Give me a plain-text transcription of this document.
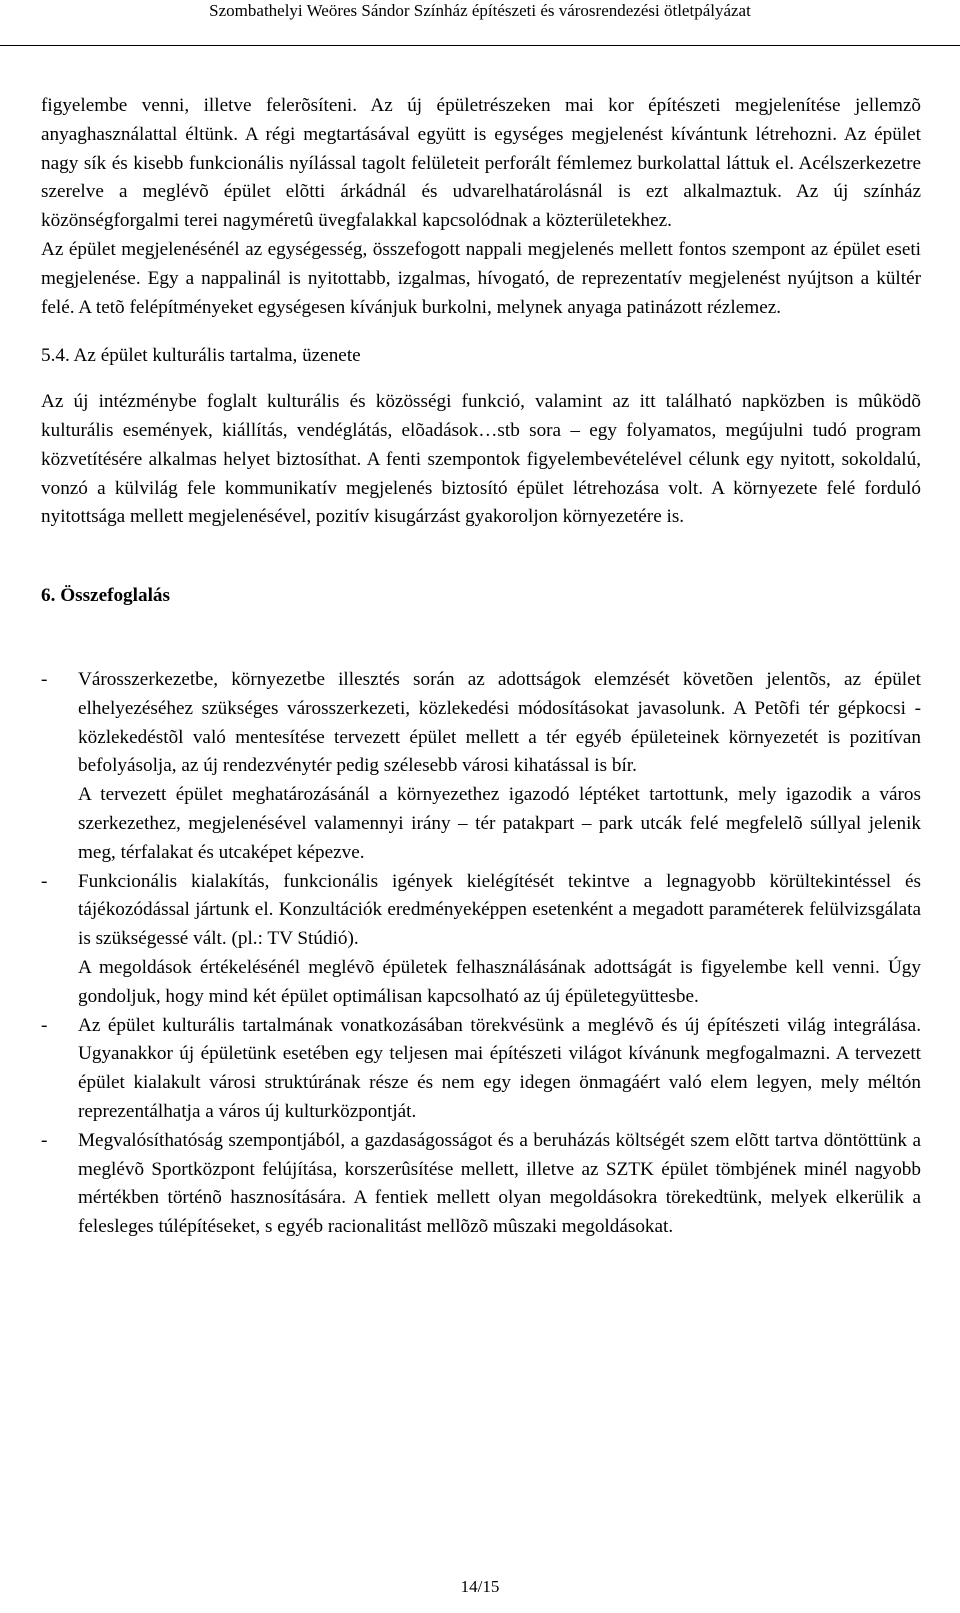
Szombathelyi Weöres Sándor Színház építészeti és városrendezési ötletpályázat

figyelembe venni, illetve felerõsíteni. Az új épületrészeken mai kor építészeti megjelenítése jellemzõ anyaghasználattal éltünk. A régi megtartásával együtt is egységes megjelenést kívántunk létrehozni. Az épület nagy sík és kisebb funkcionális nyílással tagolt felületeit perforált fémlemez burkolattal láttuk el. Acélszerkezetre szerelve a meglévõ épület elõtti árkádnál és udvarelhatárolásnál is ezt alkalmaztuk. Az új színház közönségforgalmi terei nagyméretû üvegfalakkal kapcsolódnak a közterületekhez.

Az épület megjelenésénél az egységesség, összefogott nappali megjelenés mellett fontos szempont az épület eseti megjelenése. Egy a nappalinál is nyitottabb, izgalmas, hívogató, de reprezentatív megjelenést nyújtson a kültér felé. A tetõ felépítményeket egységesen kívánjuk burkolni, melynek anyaga patinázott rézlemez.

5.4. Az épület kulturális tartalma, üzenete

Az új intézménybe foglalt kulturális és közösségi funkció, valamint az itt található napközben is mûködõ kulturális események, kiállítás, vendéglátás, elõadások…stb sora – egy folyamatos, megújulni tudó program közvetítésére alkalmas helyet biztosíthat. A fenti szempontok figyelembevételével célunk egy nyitott, sokoldalú, vonzó a külvilág fele kommunikatív megjelenés biztosító épület létrehozása volt. A környezete felé forduló nyitottsága mellett megjelenésével, pozitív kisugárzást gyakoroljon környezetére is.

6. Összefoglalás
- Városszerkezetbe, környezetbe illesztés során az adottságok elemzését követõen jelentõs, az épület elhelyezéséhez szükséges városszerkezeti, közlekedési módosításokat javasolunk. A Petõfi tér gépkocsi - közlekedéstõl való mentesítése tervezett épület mellett a tér egyéb épületeinek környezetét is pozitívan befolyásolja, az új rendezvénytér pedig szélesebb városi kihatással is bír.

A tervezett épület meghatározásánál a környezethez igazodó léptéket tartottunk, mely igazodik a város szerkezethez, megjelenésével valamennyi irány – tér patakpart – park utcák felé megfelelõ súllyal jelenik meg, térfalakat és utcaképet képezve.

- Funkcionális kialakítás, funkcionális igények kielégítését tekintve a legnagyobb körültekintéssel és tájékozódással jártunk el. Konzultációk eredményeképpen esetenként a megadott paraméterek felülvizsgálata is szükségessé vált. (pl.: TV Stúdió).

A megoldások értékelésénél meglévõ épületek felhasználásának adottságát is figyelembe kell venni. Úgy gondoljuk, hogy mind két épület optimálisan kapcsolható az új épületegyüttesbe.

- Az épület kulturális tartalmának vonatkozásában törekvésünk a meglévõ és új építészeti világ integrálása. Ugyanakkor új épületünk esetében egy teljesen mai építészeti világot kívánunk megfogalmazni. A tervezett épület kialakult városi struktúrának része és nem egy idegen önmagáért való elem legyen, mely méltón reprezentálhatja a város új kulturközpontját.

- Megvalósíthatóság szempontjából, a gazdaságosságot és a beruházás költségét szem elõtt tartva döntöttünk a meglévõ Sportközpont felújítása, korszerûsítése mellett, illetve az SZTK épület tömbjének minél nagyobb mértékben történõ hasznosítására. A fentiek mellett olyan megoldásokra törekedtünk, melyek elkerülik a felesleges túlépítéseket, s egyéb racionalitást mellõzõ mûszaki megoldásokat.

14/15
